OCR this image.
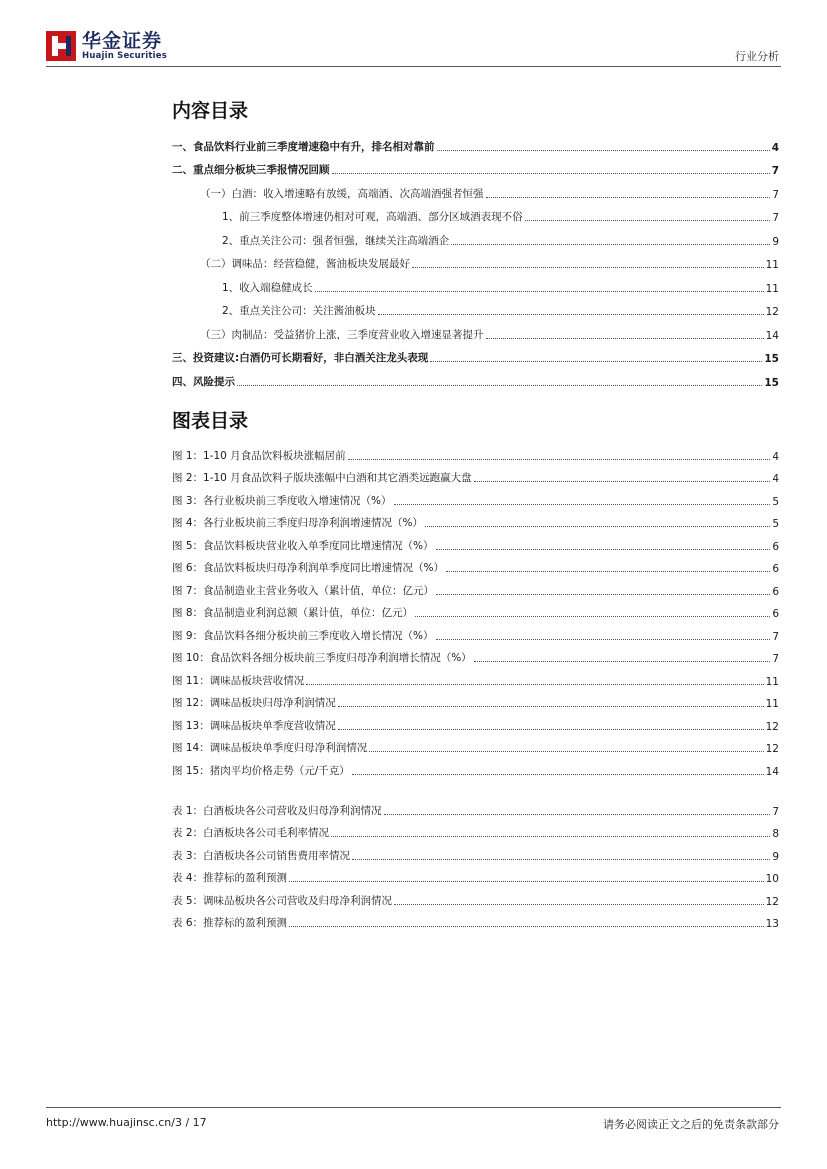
华金证券
Huajin Securities	行业分析
内容目录
一、食品饮料行业前三季度增速稳中有升，排名相对靠前	4
二、重点细分板块三季报情况回顾	7
（一）白酒：收入增速略有放缓，高端酒、次高端酒强者恒强	7
1、前三季度整体增速仍相对可观，高端酒、部分区域酒表现不俗	7
2、重点关注公司：强者恒强，继续关注高端酒企	9
（二）调味品：经营稳健，酱油板块发展最好	11
1、收入端稳健成长	11
2、重点关注公司：关注酱油板块	12
（三）肉制品：受益猪价上涨，三季度营业收入增速显著提升	14
三、投资建议:白酒仍可长期看好，非白酒关注龙头表现	15
四、风险提示	15
图表目录
图 1：1-10 月食品饮料板块涨幅居前	4
图 2：1-10 月食品饮料子版块涨幅中白酒和其它酒类远跑赢大盘	4
图 3：各行业板块前三季度收入增速情况（%）	5
图 4：各行业板块前三季度归母净利润增速情况（%）	5
图 5：食品饮料板块营业收入单季度同比增速情况（%）	6
图 6：食品饮料板块归母净利润单季度同比增速情况（%）	6
图 7：食品制造业主营业务收入（累计值，单位：亿元）	6
图 8：食品制造业利润总额（累计值，单位：亿元）	6
图 9：食品饮料各细分板块前三季度收入增长情况（%）	7
图 10：食品饮料各细分板块前三季度归母净利润增长情况（%）	7
图 11：调味品板块营收情况	11
图 12：调味品板块归母净利润情况	11
图 13：调味品板块单季度营收情况	12
图 14：调味品板块单季度归母净利润情况	12
图 15：猪肉平均价格走势（元/千克）	14
表 1：白酒板块各公司营收及归母净利润情况	7
表 2：白酒板块各公司毛利率情况	8
表 3：白酒板块各公司销售费用率情况	9
表 4：推荐标的盈利预测	10
表 5：调味品板块各公司营收及归母净利润情况	12
表 6：推荐标的盈利预测	13
http://www.huajinsc.cn/3 / 17	请务必阅读正文之后的免责条款部分
